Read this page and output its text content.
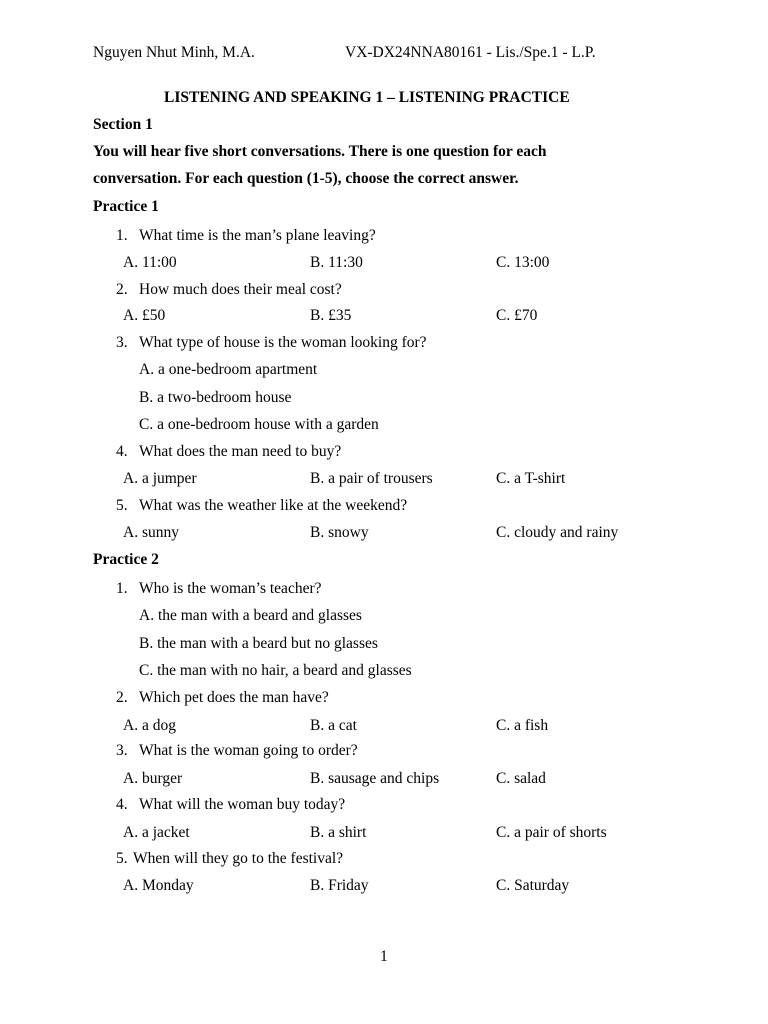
Nguyen Nhut Minh, M.A.	VX-DX24NNA80161 - Lis./Spe.1 - L.P.
LISTENING AND SPEAKING 1 – LISTENING PRACTICE
Section 1
You will hear five short conversations. There is one question for each
conversation. For each question (1-5), choose the correct answer.
Practice 1
1. What time is the man’s plane leaving?
A. 11:00	B. 11:30	C. 13:00
2. How much does their meal cost?
A. £50	B. £35	C. £70
3. What type of house is the woman looking for?
A. a one-bedroom apartment
B. a two-bedroom house
C. a one-bedroom house with a garden
4. What does the man need to buy?
A. a jumper	B. a pair of trousers	C. a T-shirt
5. What was the weather like at the weekend?
A. sunny	B. snowy	C. cloudy and rainy
Practice 2
1. Who is the woman’s teacher?
A. the man with a beard and glasses
B. the man with a beard but no glasses
C. the man with no hair, a beard and glasses
2. Which pet does the man have?
A. a dog	B. a cat	C. a fish
3. What is the woman going to order?
A. burger	B. sausage and chips	C. salad
4. What will the woman buy today?
A. a jacket	B. a shirt	C. a pair of shorts
5. When will they go to the festival?
A. Monday	B. Friday	C. Saturday
1
